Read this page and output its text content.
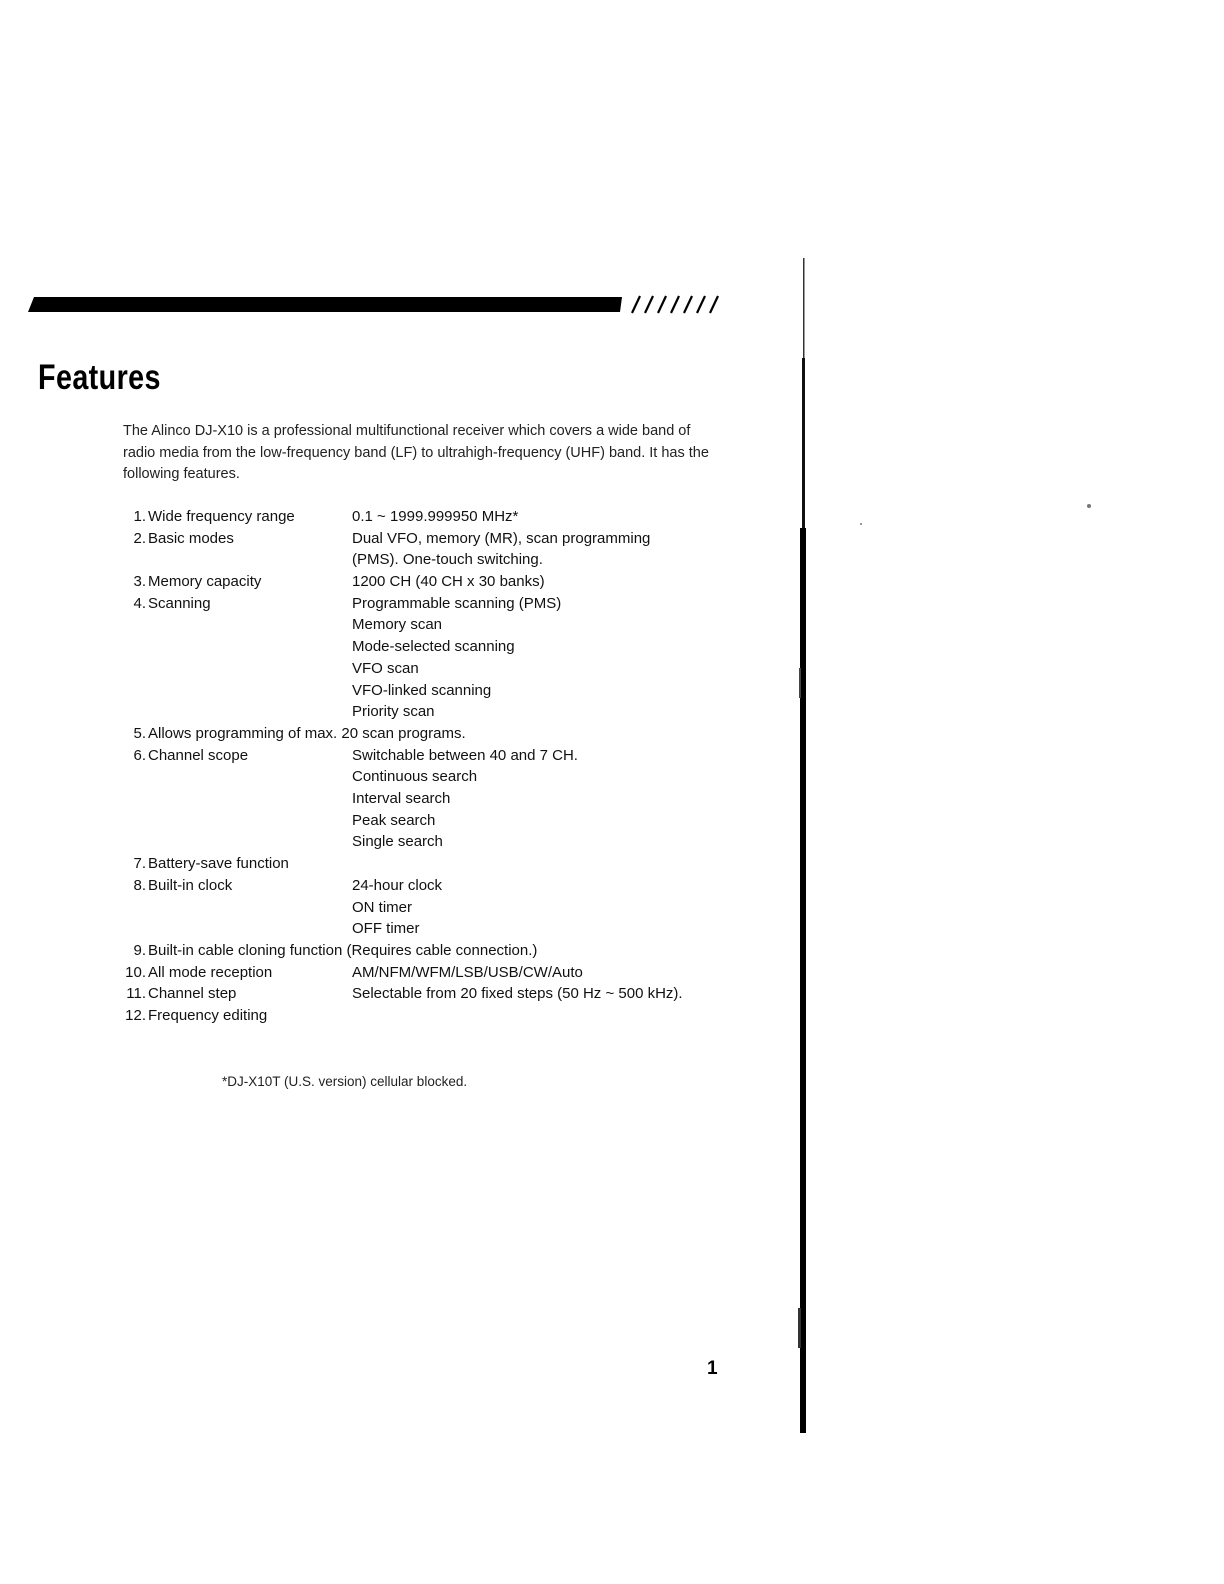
Features

The Alinco DJ-X10 is a professional multifunctional receiver which covers a wide band of radio media from the low-frequency band (LF) to ultrahigh-frequency (UHF) band. It has the following features.

1. Wide frequency range	0.1 ~ 1999.999950 MHz*
2. Basic modes	Dual VFO, memory (MR), scan programming
(PMS). One-touch switching.
3. Memory capacity	1200 CH (40 CH x 30 banks)
4. Scanning	Programmable scanning (PMS)
Memory scan
Mode-selected scanning
VFO scan
VFO-linked scanning
Priority scan
5. Allows programming of max. 20 scan programs.
6. Channel scope	Switchable between 40 and 7 CH.
Continuous search
Interval search
Peak search
Single search
7. Battery-save function
8. Built-in clock	24-hour clock
ON timer
OFF timer
9. Built-in cable cloning function (Requires cable connection.)
10. All mode reception	AM/NFM/WFM/LSB/USB/CW/Auto
11. Channel step	Selectable from 20 fixed steps (50 Hz ~ 500 kHz).
12. Frequency editing

*DJ-X10T (U.S. version) cellular blocked.

1
